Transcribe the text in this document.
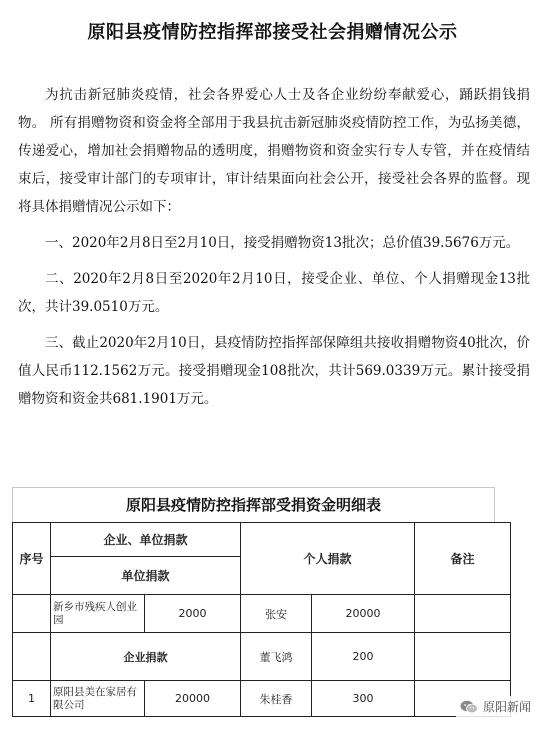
原阳县疫情防控指挥部接受社会捐赠情况公示

为抗击新冠肺炎疫情，社会各界爱心人士及各企业纷纷奉献爱心，踊跃捐钱捐物。 所有捐赠物资和资金将全部用于我县抗击新冠肺炎疫情防控工作，为弘扬美德，传递爱心，增加社会捐赠物品的透明度，捐赠物资和资金实行专人专管，并在疫情结束后，接受审计部门的专项审计，审计结果面向社会公开，接受社会各界的监督。现将具体捐赠情况公示如下：

一、2020年2月8日至2月10日，接受捐赠物资13批次；总价值39.5676万元。

二、2020年2月8日至2020年2月10日，接受企业、单位、个人捐赠现金13批次，共计39.0510万元。

三、截止2020年2月10日，县疫情防控指挥部保障组共接收捐赠物资40批次，价值人民币112.1562万元。接受捐赠现金108批次，共计569.0339万元。累计接受捐赠物资和资金共681.1901万元。

原阳县疫情防控指挥部受捐资金明细表
序号	企业、单位捐款		个人捐款		备注
	单位捐款				
	新乡市残疾人创业园	2000	张安	20000	
	企业捐款		董飞鸿	200	
1	原阳县美在家居有限公司	20000	朱桂香	300	
原阳新闻
